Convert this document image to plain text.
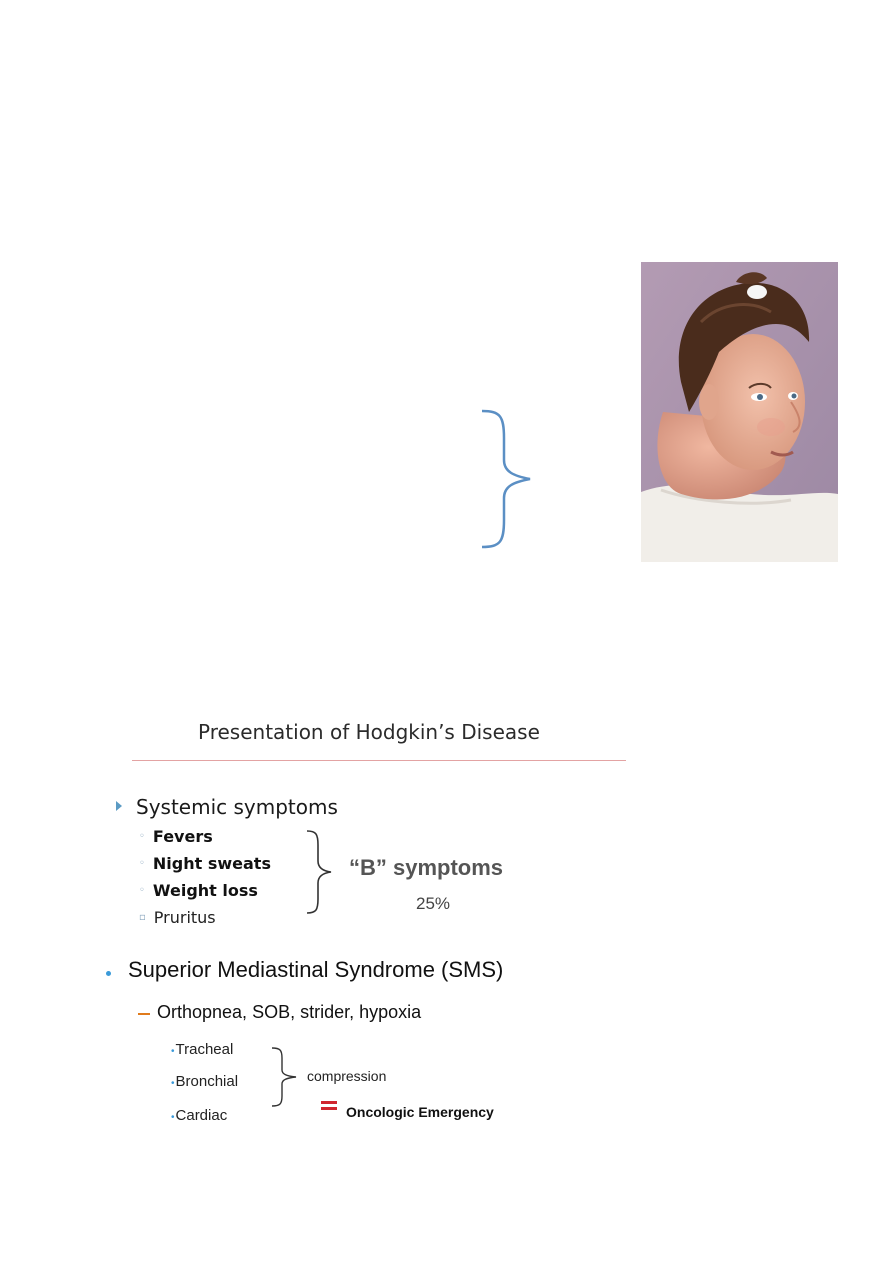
Presentation of Hodgkin’s Disease
Systemic symptoms
◦ Fevers
◦ Night sweats
◦ Weight loss
▫ Pruritus
“B” symptoms
25%
Superior Mediastinal Syndrome (SMS)
Orthopnea, SOB, strider, hypoxia
•Tracheal
•Bronchial
•Cardiac
compression
Oncologic Emergency
